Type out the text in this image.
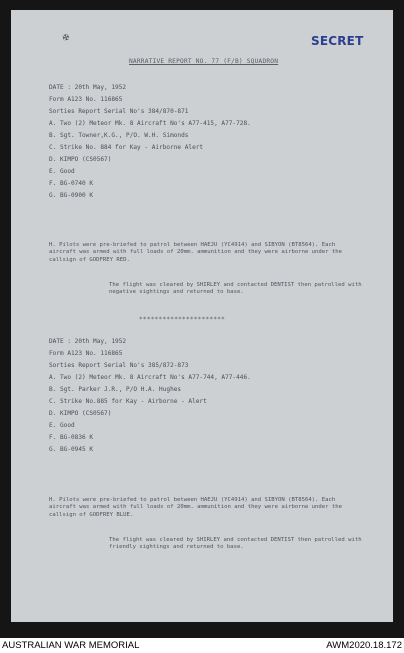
✠	SECRET
NARRATIVE REPORT NO. 77 (F/B) SQUADRON
DATE : 20th May, 1952
Form A123 No. 116865
Sorties Report Serial No's 384/870-871
A. Two (2) Meteor Mk. 8 Aircraft No's A77-415, A77-728.
B. Sgt. Towner,K.G., P/O. W.H. Simonds
C. Strike No. 884 for Kay - Airborne Alert
D. KIMPO (CS0567)
E. Good
F. BG-0740 K
G. BG-0900 K

H. Pilots were pre-briefed to patrol between HAEJU (YC4914) and SIBYON (BT8564). Each aircraft was armed with full loads of 20mm. ammunition and they were airborne under the callsign of GODFREY RED.

The flight was cleared by SHIRLEY and contacted DENTIST then patrolled with negative sightings and returned to base.

**********************
DATE : 20th May, 1952
Form A123 No. 116865
Sorties Report Serial No's 385/872-873
A. Two (2) Meteor Mk. 8 Aircraft No's A77-744, A77-446.
B. Sgt. Parker J.R., P/O H.A. Hughes
C. Strike No.885 for Kay - Airborne - Alert
D. KIMPO (CS0567)
E. Good
F. BG-0836 K
G. BG-0945 K

H. Pilots were pre-briefed to patrol between HAEJU (YC4914) and SIBYON (BT8564). Each aircraft was armed with full loads of 20mm. ammunition and they were airborne under the callsign of GODFREY BLUE.

The flight was cleared by SHIRLEY and contacted DENTIST then patrolled with friendly sightings and returned to base.

AUSTRALIAN WAR MEMORIAL	AWM2020.18.172
